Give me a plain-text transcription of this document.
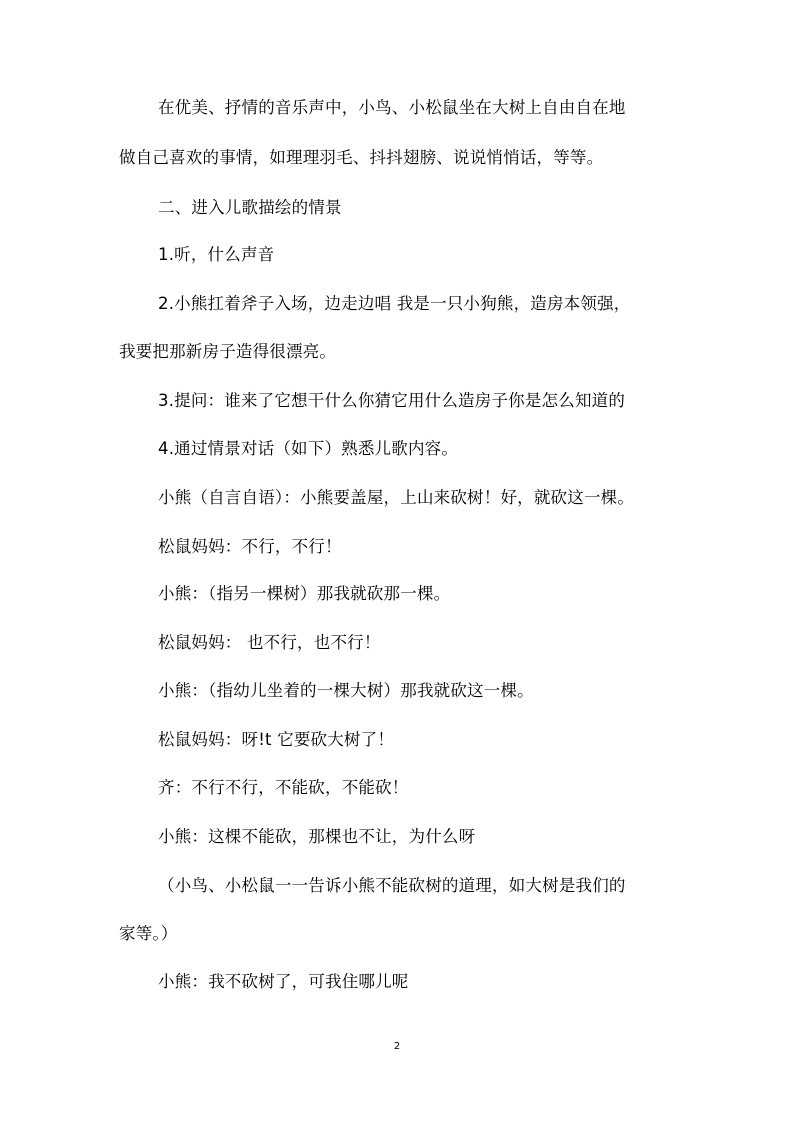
在优美、抒情的音乐声中，小鸟、小松鼠坐在大树上自由自在地
做自己喜欢的事情，如理理羽毛、抖抖翅膀、说说悄悄话，等等。
二、进入儿歌描绘的情景
1.听，什么声音
2.小熊扛着斧子入场，边走边唱 我是一只小狗熊，造房本领强，
我要把那新房子造得很漂亮。
3.提问：谁来了它想干什么你猜它用什么造房子你是怎么知道的
4.通过情景对话（如下）熟悉儿歌内容。
小熊（自言自语）：小熊要盖屋，上山来砍树！好，就砍这一棵。
松鼠妈妈：不行，不行！
小熊：（指另一棵树）那我就砍那一棵。
松鼠妈妈： 也不行，也不行！
小熊：（指幼儿坐着的一棵大树）那我就砍这一棵。
松鼠妈妈：呀!t 它要砍大树了！
齐：不行不行，不能砍，不能砍！
小熊：这棵不能砍，那棵也不让，为什么呀
（小鸟、小松鼠一一告诉小熊不能砍树的道理，如大树是我们的
家等。）
小熊：我不砍树了，可我住哪儿呢
2
